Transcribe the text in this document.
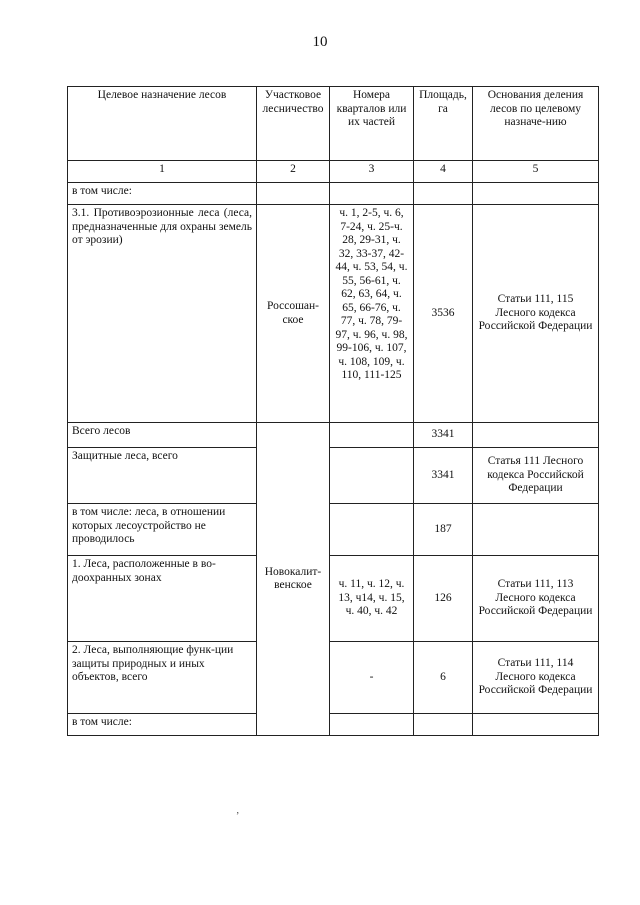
10
Целевое назначение лесов	Участковое лесничество	Номера кварталов или их частей	Площадь, га	Основания деления лесов по целевому назначе-нию
1	2	3	4	5
в том числе:				
3.1. Противоэрозионные леса (леса, предназначенные для охраны земель от эрозии)	Россошан-ское	ч. 1, 2-5, ч. 6, 7-24, ч. 25-ч. 28, 29-31, ч. 32, 33-37, 42-44, ч. 53, 54, ч. 55, 56-61, ч. 62, 63, 64, ч. 65, 66-76, ч. 77, ч. 78, 79-97, ч. 96, ч. 98, 99-106, ч. 107, ч. 108, 109, ч. 110, 111-125	3536	Статьи 111, 115 Лесного кодекса Российской Федерации
Всего лесов	Новокалит-венское		3341	
Защитные леса, всего			3341	Статья 111 Лесного кодекса Российской Федерации
в том числе: леса, в отношении которых лесоустройство не проводилось			187	
1. Леса, расположенные в во-доохранных зонах		ч. 11, ч. 12, ч. 13, ч14, ч. 15, ч. 40, ч. 42	126	Статьи 111, 113 Лесного кодекса Российской Федерации
2. Леса, выполняющие функ-ции защиты природных и иных объектов, всего		-	6	Статьи 111, 114 Лесного кодекса Российской Федерации
в том числе:				
‚
